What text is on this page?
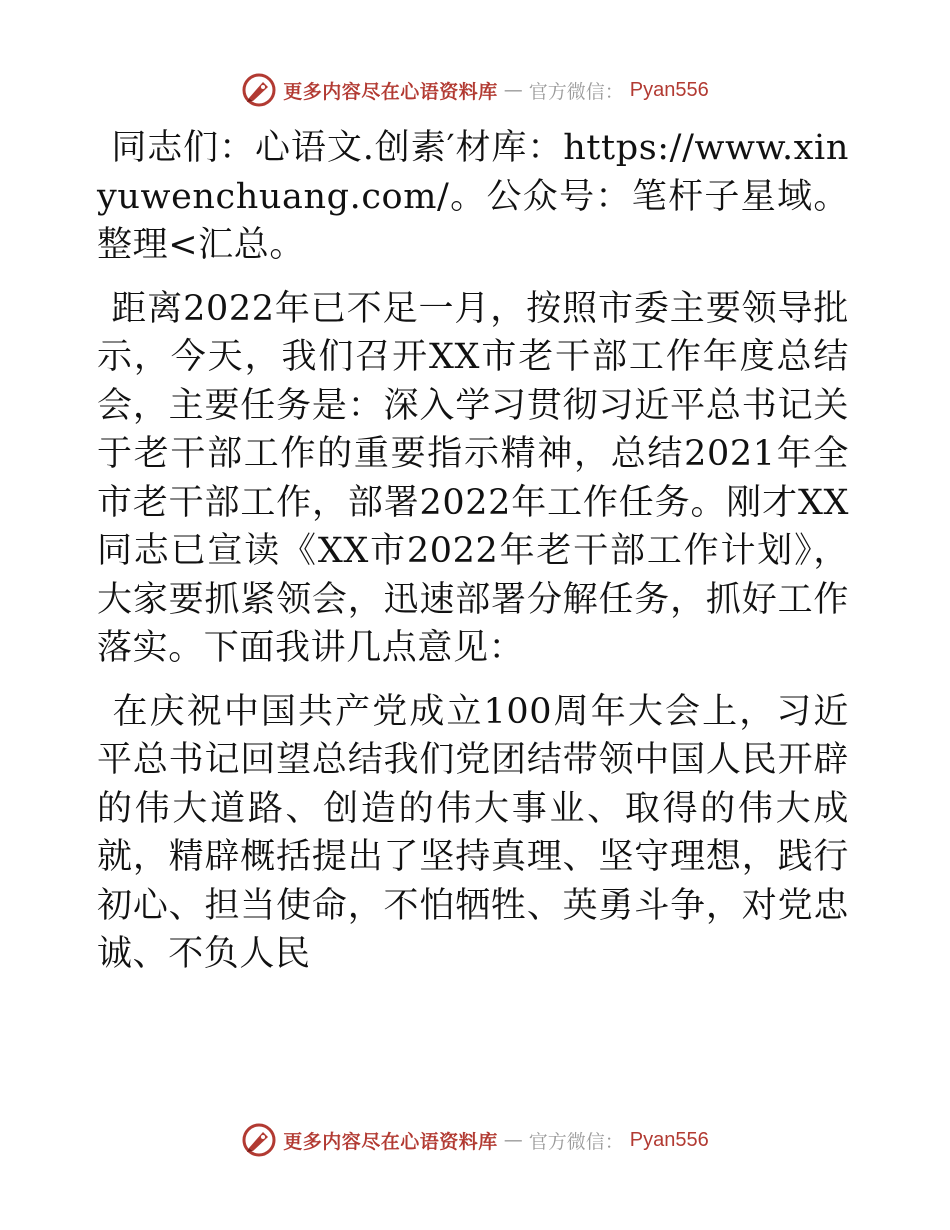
更多内容尽在心语资料库 — 官方微信： Pyan556

同志们：心语文.创素′材库：https://www.xinyuwenchuang.com/。公众号：笔杆子星域。整理<汇总。

距离2022年已不足一月，按照市委主要领导批示，今天，我们召开XX市老干部工作年度总结会，主要任务是：深入学习贯彻习近平总书记关于老干部工作的重要指示精神，总结2021年全市老干部工作，部署2022年工作任务。刚才XX同志已宣读《XX市2022年老干部工作计划》，大家要抓紧领会，迅速部署分解任务，抓好工作落实。下面我讲几点意见：

在庆祝中国共产党成立100周年大会上，习近平总书记回望总结我们党团结带领中国人民开辟的伟大道路、创造的伟大事业、取得的伟大成就，精辟概括提出了坚持真理、坚守理想，践行初心、担当使命，不怕牺牲、英勇斗争，对党忠诚、不负人民

更多内容尽在心语资料库 — 官方微信： Pyan556
